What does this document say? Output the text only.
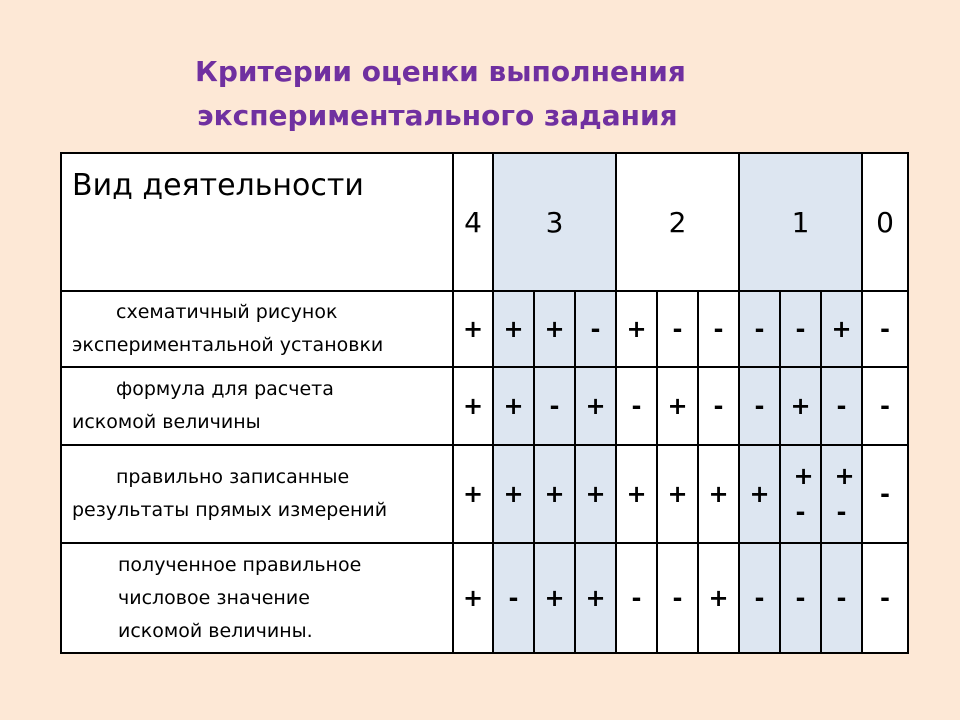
Критерии оценки выполнения
экспериментального задания
Вид деятельности	4	3			2			1			0

схематичный рисунок
экспериментальной установки	+	+	+	-	+	-	-	-	-	+	-

формула для расчета
искомой величины	+	+	-	+	-	+	-	-	+	-	-

правильно записанные
результаты прямых измерений	+	+	+	+	+	+	+	+	+ -	+ -	-

полученное правильное
числовое значение
искомой величины.	+	-	+	+	-	-	+	-	-	-	-
